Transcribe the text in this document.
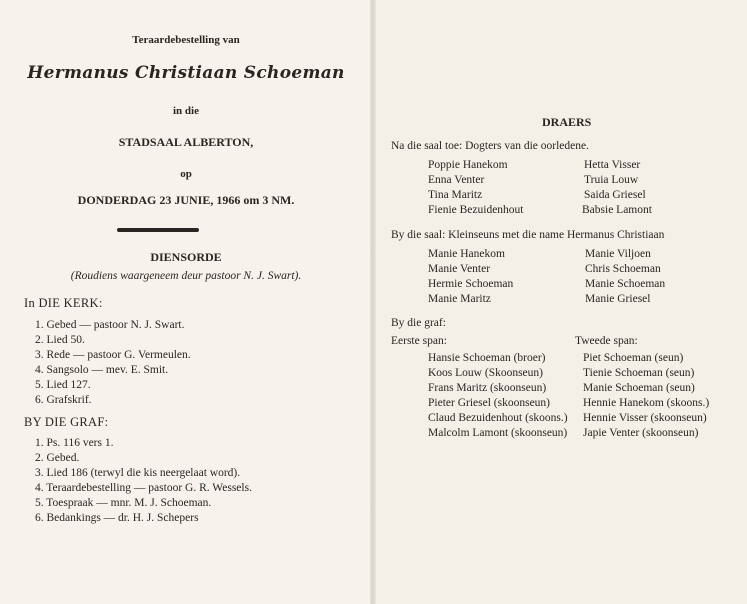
Teraardebestelling van
Hermanus Christiaan Schoeman
in die
STADSAAL ALBERTON,
op
DONDERDAG 23 JUNIE, 1966 om 3 NM.
DIENSORDE
(Roudiens waargeneem deur pastoor N. J. Swart).
In DIE KERK:
1. Gebed — pastoor N. J. Swart.
2. Lied 50.
3. Rede — pastoor G. Vermeulen.
4. Sangsolo — mev. E. Smit.
5. Lied 127.
6. Grafskrif.
BY DIE GRAF:
1. Ps. 116 vers 1.
2. Gebed.
3. Lied 186 (terwyl die kis neergelaat word).
4. Teraardebestelling — pastoor G. R. Wessels.
5. Toespraak — mnr. M. J. Schoeman.
6. Bedankings — dr. H. J. Schepers
DRAERS
Na die saal toe: Dogters van die oorledene.
Poppie Hanekom
Enna Venter
Tina Maritz
Fienie Bezuidenhout
Hetta Visser
Truia Louw
Saida Griesel
Babsie Lamont
By die saal: Kleinseuns met die name Hermanus Christiaan
Manie Hanekom
Manie Venter
Hermie Schoeman
Manie Maritz
Manie Viljoen
Chris Schoeman
Manie Schoeman
Manie Griesel
By die graf:
Eerste span:	Tweede span:
Hansie Schoeman (broer)
Koos Louw (Skoonseun)
Frans Maritz (skoonseun)
Pieter Griesel (skoonseun)
Claud Bezuidenhout (skoons.)
Malcolm Lamont (skoonseun)
Piet Schoeman (seun)
Tienie Schoeman (seun)
Manie Schoeman (seun)
Hennie Hanekom (skoons.)
Hennie Visser (skoonseun)
Japie Venter (skoonseun)
